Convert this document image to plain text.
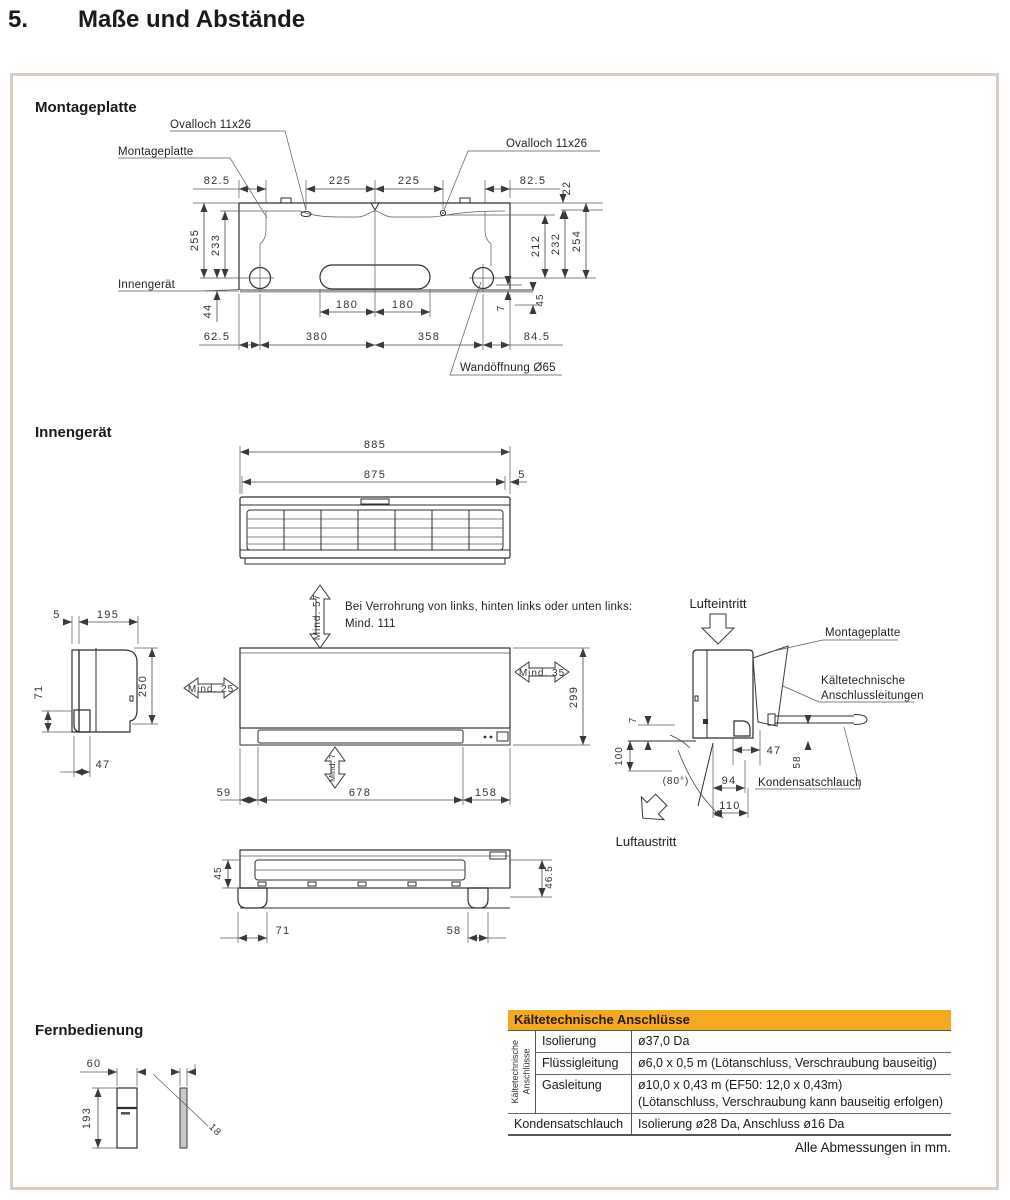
5. Maße und Abstände
Montageplatte
Innengerät
Fernbedienung
82.5	225	225	82.5 22
255 233	212 232 254
44	180	180
62.5	380	358	84.5
7
45
Ovalloch 11x26
Ovalloch 11x26
Montageplatte
Innengerät
Wandöffnung Ø65
885
875	5
5	195
71	250
47
Mind. 57 Bei Verrohrung von links, hinten links oder unten links:
Mind. 111
Mind. 25
Mind. 35
299
Mind. 7
59	678	158
Lufteintritt
Montageplatte
Kältetechnische
Anschlussleitungen
7
100
(80°)
47
94 Kondensatschlauch
110
58
Luftaustritt
45	46.5
71	58
60
193
18
Kältetechnische Anschlüsse
Kältetechnische
Anschlüsse
Isolierung	ø37,0 Da
Flüssigleitung	ø6,0 x 0,5 m (Lötanschluss, Verschraubung bauseitig)
Gasleitung	ø10,0 x 0,43 m (EF50: 12,0 x 0,43m)
(Lötanschluss, Verschraubung kann bauseitig erfolgen)
Kondensatschlauch	Isolierung ø28 Da, Anschluss ø16 Da
Alle Abmessungen in mm.
